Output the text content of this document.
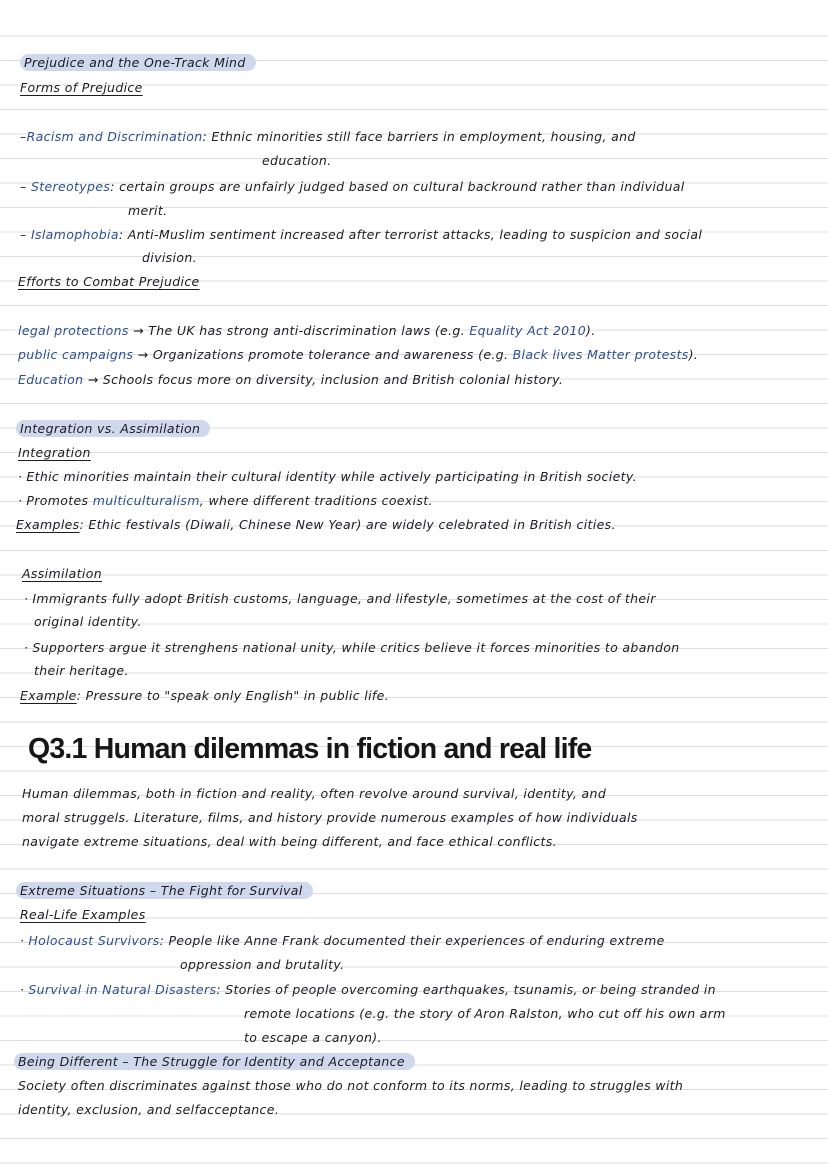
Prejudice and the One-Track Mind
Forms of Prejudice
–Racism and Discrimination: Ethnic minorities still face barriers in employment, housing, and
education.
– Stereotypes: certain groups are unfairly judged based on cultural backround rather than individual
merit.
– Islamophobia: Anti-Muslim sentiment increased after terrorist attacks, leading to suspicion and social
division.
Efforts to Combat Prejudice
legal protections → The UK has strong anti-discrimination laws (e.g. Equality Act 2010).
public campaigns → Organizations promote tolerance and awareness (e.g. Black lives Matter protests).
Education → Schools focus more on diversity, inclusion and British colonial history.
Integration vs. Assimilation
Integration
· Ethic minorities maintain their cultural identity while actively participating in British society.
· Promotes multiculturalism, where different traditions coexist.
Examples: Ethic festivals (Diwali, Chinese New Year) are widely celebrated in British cities.
Assimilation
· Immigrants fully adopt British customs, language, and lifestyle, sometimes at the cost of their
original identity.
· Supporters argue it strenghens national unity, while critics believe it forces minorities to abandon
their heritage.
Example: Pressure to "speak only English" in public life.
Q3.1 Human dilemmas in fiction and real life
Human dilemmas, both in fiction and reality, often revolve around survival, identity, and
moral struggels. Literature, films, and history provide numerous examples of how individuals
navigate extreme situations, deal with being different, and face ethical conflicts.
Extreme Situations – The Fight for Survival
Real-Life Examples
· Holocaust Survivors: People like Anne Frank documented their experiences of enduring extreme
oppression and brutality.
· Survival in Natural Disasters: Stories of people overcoming earthquakes, tsunamis, or being stranded in
remote locations (e.g. the story of Aron Ralston, who cut off his own arm
to escape a canyon).
Being Different – The Struggle for Identity and Acceptance
Society often discriminates against those who do not conform to its norms, leading to struggles with
identity, exclusion, and selfacceptance.
